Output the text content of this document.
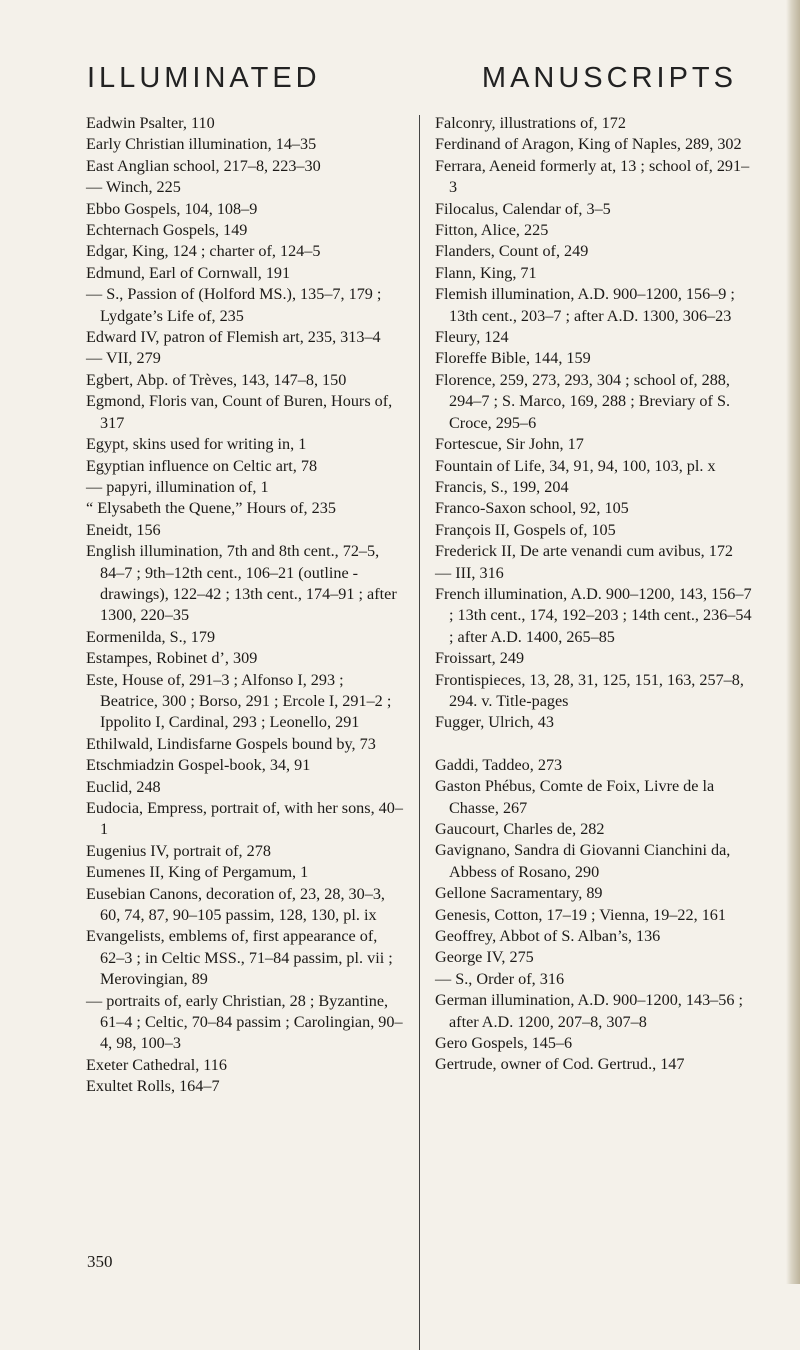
ILLUMINATED	MANUSCRIPTS
Eadwin Psalter, 110
Early Christian illumination, 14–35
East Anglian school, 217–8, 223–30
— Winch, 225
Ebbo Gospels, 104, 108–9
Echternach Gospels, 149
Edgar, King, 124 ; charter of, 124–5
Edmund, Earl of Cornwall, 191
— S., Passion of (Holford MS.), 135–7, 179 ; Lydgate’s Life of, 235
Edward IV, patron of Flemish art, 235, 313–4
— VII, 279
Egbert, Abp. of Trèves, 143, 147–8, 150
Egmond, Floris van, Count of Buren, Hours of, 317
Egypt, skins used for writing in, 1
Egyptian influence on Celtic art, 78
— papyri, illumination of, 1
“ Elysabeth the Quene,” Hours of, 235
Eneidt, 156
English illumination, 7th and 8th cent., 72–5, 84–7 ; 9th–12th cent., 106–21 (outline - drawings), 122–42 ; 13th cent., 174–91 ; after 1300, 220–35
Eormenilda, S., 179
Estampes, Robinet d’, 309
Este, House of, 291–3 ; Alfonso I, 293 ; Beatrice, 300 ; Borso, 291 ; Ercole I, 291–2 ; Ippolito I, Cardinal, 293 ; Leonello, 291
Ethilwald, Lindisfarne Gospels bound by, 73
Etschmiadzin Gospel-book, 34, 91
Euclid, 248
Eudocia, Empress, portrait of, with her sons, 40–1
Eugenius IV, portrait of, 278
Eumenes II, King of Pergamum, 1
Eusebian Canons, decoration of, 23, 28, 30–3, 60, 74, 87, 90–105 passim, 128, 130, pl. ix
Evangelists, emblems of, first appearance of, 62–3 ; in Celtic MSS., 71–84 passim, pl. vii ; Merovingian, 89
— portraits of, early Christian, 28 ; Byzantine, 61–4 ; Celtic, 70–84 passim ; Carolingian, 90–4, 98, 100–3
Exeter Cathedral, 116
Exultet Rolls, 164–7
Falconry, illustrations of, 172
Ferdinand of Aragon, King of Naples, 289, 302
Ferrara, Aeneid formerly at, 13 ; school of, 291–3
Filocalus, Calendar of, 3–5
Fitton, Alice, 225
Flanders, Count of, 249
Flann, King, 71
Flemish illumination, A.D. 900–1200, 156–9 ; 13th cent., 203–7 ; after A.D. 1300, 306–23
Fleury, 124
Floreffe Bible, 144, 159
Florence, 259, 273, 293, 304 ; school of, 288, 294–7 ; S. Marco, 169, 288 ; Breviary of S. Croce, 295–6
Fortescue, Sir John, 17
Fountain of Life, 34, 91, 94, 100, 103, pl. x
Francis, S., 199, 204
Franco-Saxon school, 92, 105
François II, Gospels of, 105
Frederick II, De arte venandi cum avibus, 172
— III, 316
French illumination, A.D. 900–1200, 143, 156–7 ; 13th cent., 174, 192–203 ; 14th cent., 236–54 ; after A.D. 1400, 265–85
Froissart, 249
Frontispieces, 13, 28, 31, 125, 151, 163, 257–8, 294. v. Title-pages
Fugger, Ulrich, 43
Gaddi, Taddeo, 273
Gaston Phébus, Comte de Foix, Livre de la Chasse, 267
Gaucourt, Charles de, 282
Gavignano, Sandra di Giovanni Cianchini da, Abbess of Rosano, 290
Gellone Sacramentary, 89
Genesis, Cotton, 17–19 ; Vienna, 19–22, 161
Geoffrey, Abbot of S. Alban’s, 136
George IV, 275
— S., Order of, 316
German illumination, A.D. 900–1200, 143–56 ; after A.D. 1200, 207–8, 307–8
Gero Gospels, 145–6
Gertrude, owner of Cod. Gertrud., 147
350
